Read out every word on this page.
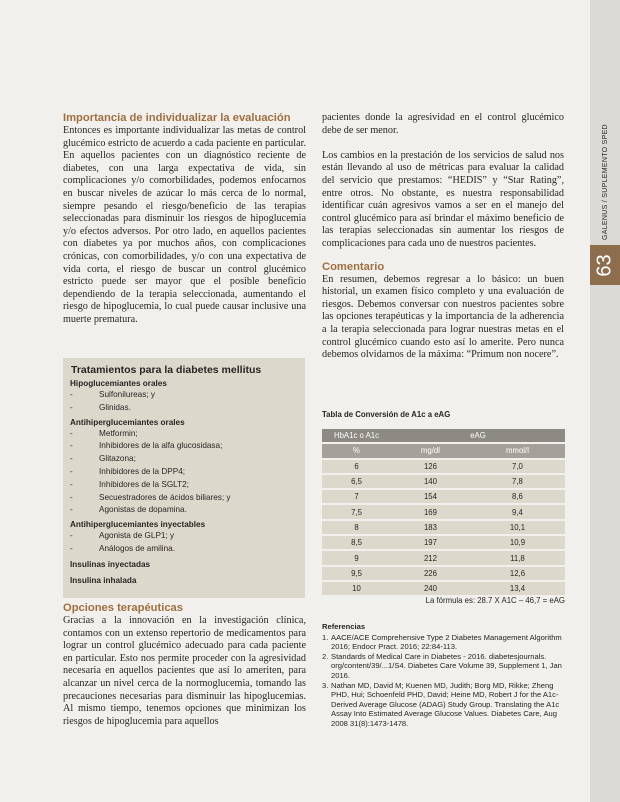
63
GALENUS / SUPLEMENTO SPED

Importancia de individualizar la evaluación

Entonces es importante individualizar las metas de control glucémico estricto de acuerdo a cada paciente en particular. En aquellos pacientes con un diagnóstico reciente de diabetes, con una larga expectativa de vida, sin complicaciones y/o comorbilidades, podemos enfocarnos en buscar niveles de azúcar lo más cerca de lo normal, siempre pesando el riesgo/beneficio de las terapias seleccionadas para disminuir los riesgos de hipoglucemia y/o efectos adversos. Por otro lado, en aquellos pacientes con diabetes ya por muchos años, con complicaciones crónicas, con comorbilidades, y/o con una expectativa de vida corta, el riesgo de buscar un control glucémico estricto puede ser mayor que el posible beneficio dependiendo de la terapia seleccionada, aumentando el riesgo de hipoglucemia, lo cual puede causar inclusive una muerte prematura.

Tratamientos para la diabetes mellitus
Hipoglucemiantes orales
-	Sulfonilureas; y
-	Glinidas.
Antihiperglucemiantes orales
-	Metformin;
-	Inhibidores de la alfa glucosidasa;
-	Glitazona;
-	Inhibidores de la DPP4;
-	Inhibidores de la SGLT2;
-	Secuestradores de ácidos biliares; y
-	Agonistas de dopamina.
Antihiperglucemiantes inyectables
-	Agonista de GLP1; y
-	Análogos de amilina.
Insulinas inyectadas
Insulina inhalada

Opciones terapéuticas

Gracias a la innovación en la investigación clínica, contamos con un extenso repertorio de medicamentos para lograr un control glucémico adecuado para cada paciente en particular. Esto nos permite proceder con la agresividad necesaria en aquellos pacientes que así lo ameriten, para alcanzar un nivel cerca de la normoglucemia, tomando las precauciones necesarias para disminuir las hipoglucemias. Al mismo tiempo, tenemos opciones que minimizan los riesgos de hipoglucemia para aquellos

pacientes donde la agresividad en el control glucémico debe de ser menor.

Los cambios en la prestación de los servicios de salud nos están llevando al uso de métricas para evaluar la calidad del servicio que prestamos: “HEDIS” y “Star Rating”, entre otros. No obstante, es nuestra responsabilidad identificar cuán agresivos vamos a ser en el manejo del control glucémico para así brindar el máximo beneficio de las terapias seleccionadas sin aumentar los riesgos de complicaciones para cada uno de nuestros pacientes.

Comentario

En resumen, debemos regresar a lo básico: un buen historial, un examen físico completo y una evaluación de riesgos. Debemos conversar con nuestros pacientes sobre las opciones terapéuticas y la importancia de la adherencia a la terapia seleccionada para lograr nuestras metas en el control glucémico cuando esto así lo amerite. Pero nunca debemos olvidarnos de la máxima: “Primum non nocere”.

Tabla de Conversión de A1c a eAG
HbA1c o A1c	eAG	
%	mg/dl	mmol/l
6	126	7,0
6,5	140	7,8
7	154	8,6
7,5	169	9,4
8	183	10,1
8,5	197	10,9
9	212	11,8
9,5	226	12,6
10	240	13,4
La fórmula es: 28.7 X A1C – 46,7 = eAG
Referencias
1. AACE/ACE Comprehensive Type 2 Diabetes Management Algorithm 2016; Endocr Pract. 2016; 22:84-113.
2. Standards of Medical Care in Diabetes - 2016. diabetesjournals. org/content/39/...1/S4. Diabetes Care Volume 39, Supplement 1, Jan 2016.
3. Nathan MD, David M; Kuenen MD, Judith; Borg MD, Rikke; Zheng PHD, Hui; Schoenfeld PHD, David; Heine MD, Robert J for the A1c-Derived Average Glucose (ADAG) Study Group. Translating the A1c Assay Into Estimated Average Glucose Values. Diabetes Care, Aug 2008 31(8):1473-1478.
